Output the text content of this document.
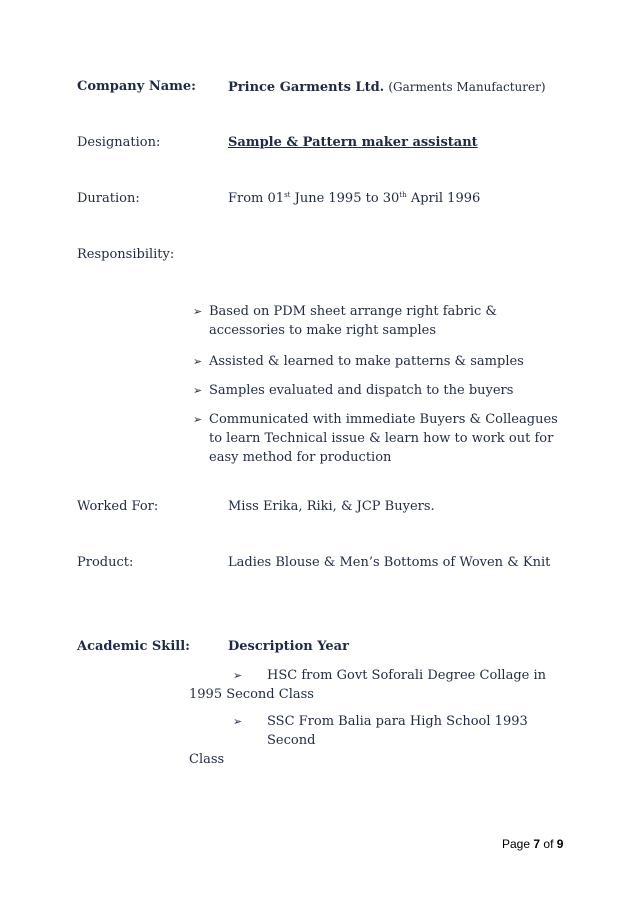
Company Name: Prince Garments Ltd. (Garments Manufacturer)
Designation:	Sample & Pattern maker assistant
Duration:	From 01st June 1995 to 30th April 1996
Responsibility:
➢ Based on PDM sheet arrange right fabric & accessories to make right samples
➢ Assisted & learned to make patterns & samples
➢ Samples evaluated and dispatch to the buyers
➢ Communicated with immediate Buyers & Colleagues to learn Technical issue & learn how to work out for easy method for production
Worked For:	Miss Erika, Riki, & JCP Buyers.
Product:	Ladies Blouse & Men’s Bottoms of Woven & Knit
Academic Skill:	Description Year
➢	HSC from Govt Soforali Degree Collage in
1995 Second Class
➢	SSC From Balia para High School 1993 Second
Class
Page 7 of 9
